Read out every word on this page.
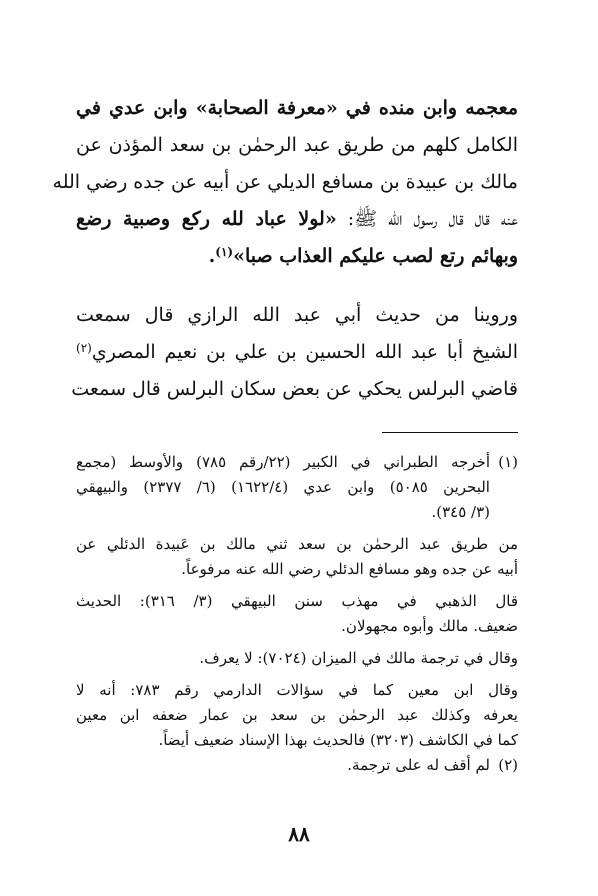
معجمه وابن منده في «معرفة الصحابة» وابن عدي في
الكامل كلهم من طريق عبد الرحمٰن بن سعد المؤذن عن
مالك بن عبيدة بن مسافع الديلي عن أبيه عن جده رضي الله
عنه قال قال رسول الله ﷺ: «لولا عباد لله ركع وصبية رضع
وبهائم رتع لصب عليكم العذاب صبا»$^{(١)}$.
وروينا من حديث أبي عبد الله الرازي قال سمعت
الشيخ أبا عبد الله الحسين بن علي بن نعيم المصري$^{(٢)}$
قاضي البرلس يحكي عن بعض سكان البرلس قال سمعت
(١)
أخرجه الطبراني في الكبير (٢٢/رقم ٧٨٥) والأوسط (مجمع
البحرين ٥٠٨٥) وابن عدي (١٦٢٢/٤) (٦/ ٢٣٧٧) والبيهقي
(٣/ ٣٤٥).
من طريق عبد الرحمٰن بن سعد ثني مالك بن عَبيدة الدئلي عن
أبيه عن جده وهو مسافع الدئلي رضي الله عنه مرفوعاً.
قال الذهبي في مهذب سنن البيهقي (٣/ ٣١٦): الحديث
ضعيف. مالك وأبوه مجهولان.
وقال في ترجمة مالك في الميزان (٧٠٢٤): لا يعرف.
وقال ابن معين كما في سؤالات الدارمي رقم ٧٨٣: أنه لا
يعرفه وكذلك عبد الرحمٰن بن سعد بن عمار ضعفه ابن معين
كما في الكاشف (٣٢٠٣) فالحديث بهذا الإسناد ضعيف أيضاً.
(٢)
لم أقف له على ترجمة.
٨٨
